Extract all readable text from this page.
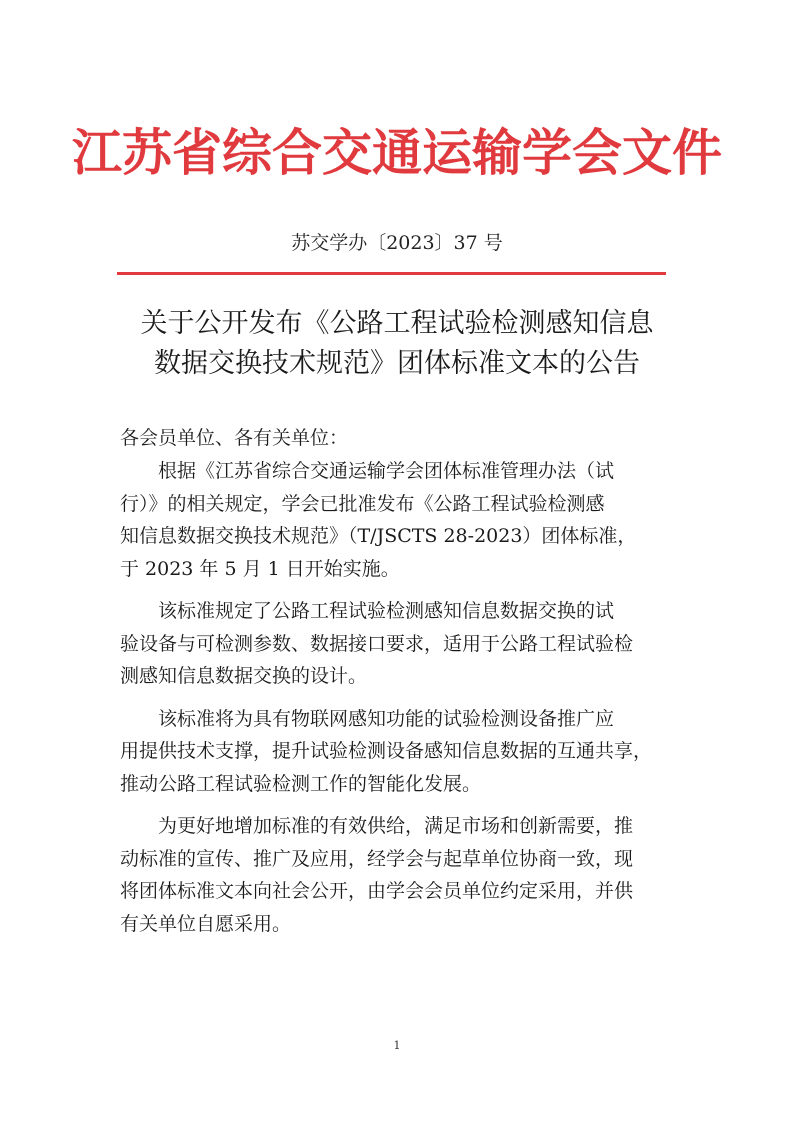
江苏省综合交通运输学会文件
苏交学办〔2023〕37 号
关于公开发布《公路工程试验检测感知信息
数据交换技术规范》团体标准文本的公告
各会员单位、各有关单位：

根据《江苏省综合交通运输学会团体标准管理办法（试
行）》的相关规定，学会已批准发布《公路工程试验检测感
知信息数据交换技术规范》（T/JSCTS 28-2023）团体标准，
于 2023 年 5 月 1 日开始实施。

该标准规定了公路工程试验检测感知信息数据交换的试
验设备与可检测参数、数据接口要求，适用于公路工程试验检
测感知信息数据交换的设计。

该标准将为具有物联网感知功能的试验检测设备推广应
用提供技术支撑，提升试验检测设备感知信息数据的互通共享，
推动公路工程试验检测工作的智能化发展。

为更好地增加标准的有效供给，满足市场和创新需要，推
动标准的宣传、推广及应用，经学会与起草单位协商一致，现
将团体标准文本向社会公开，由学会会员单位约定采用，并供
有关单位自愿采用。

1
